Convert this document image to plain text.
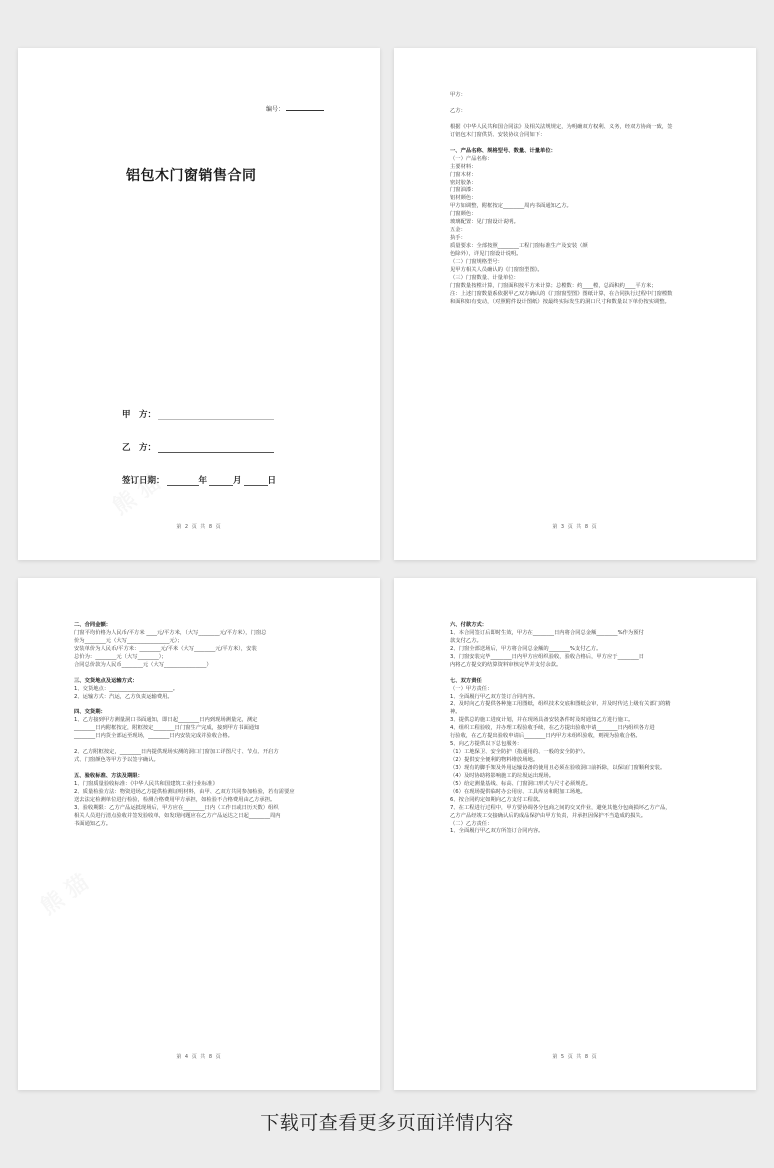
编号：
铝包木门窗销售合同
甲　方：
乙　方：
签订日期：	年	月	日
第 2 页 共 8 页
甲方：
乙方：
根据《中华人民共和国合同法》及相关法规规定，为明确双方权利、义务，经双方协商一致，签
订铝包木门窗供货、安装协议合同如下：
一、产品名称、规格型号、数量、计量单位：
（一）产品名称：
主要材料：
门窗木材：
密封胶条：
门窗油漆：
铝材颜色：
甲方如调整，附框按定________周内书面通知乙方。
门窗颜色：
玻璃配置：见门窗设计说明。
五金：
执手：
质量要求：全部按照________工程门窗标准生产及安装（颜
色除外），详见门窗设计说明。
（二）门窗规格型号：
见甲方相关人员确认的《门窗窗型图》。
（三）门窗数量、计量单位：
门窗数量按樘计算，门窗面积按平方米计算；总樘数：约____樘，总面积约____平方米；
注：上述门窗数量系依据甲乙双方确认的《门窗窗型图》图纸计算，在合同执行过程中门窗樘数
和面积如有变动，（对照附件设计图纸）按最终实际发生的洞口尺寸和数量以下单份按实调整。
第 3 页 共 8 页
二、合同金额：
门窗平均价格为人民币/平方米 ____元/平方米，（大写________元/平方米），门窗总
价为________元（大写________________元）；
安装单价为人民币/平方米：________元/平米（大写________元/平方米），安装
总价为：________元（大写________）；
合同总价款为人民币________元（大写________________）
三、交货地点及运输方式：
1、交货地点：________________________。
2、运输方式：汽运，乙方负责运输费用。
四、交货期：
1、乙方接到甲方测量洞口书面通知，即日起________日内到现场测量完，测定
________日内附框按定，附框按定________日门窗生产完成，接到甲方书面通知
________日内货全部运至现场，________日内安装完成并验收合格。
2、乙方附框按定，________日内提供现场实测的洞口门窗加工详图尺寸、节点、开启方
式、门窗颜色等甲方予以签字确认。
五、验收标准、方法及期限：
1、门窗质量验收标准：《中华人民共和国建筑工业行业标准》
2、质量检验方法：物资进场乙方提供检测证明材料，由甲、乙双方共同参加检验，若有需要应
送去法定检测单位进行检验，检测合格费用甲方承担，如检验不合格费用由乙方承担。
3、验收期限：乙方产品运抵现场后，甲方应在________日内（工作日或日历天数）组织
相关人员进行清点验收并签发验收单，如发现问题应在乙方产品运达之日起________周内
书面通知乙方。
第 4 页 共 8 页
六、付款方式：
1、本合同签订后即时生效，甲方在________日内将合同总金额________%作为预付
款支付乙方。
2、门窗全部送场后，甲方将合同总金额的________%支付乙方。
3、门窗安装完毕________日内甲方应组织验收，验收合格后，甲方应于________日
内将乙方提交的结算资料审核完毕并支付余款。
七、双方责任
（一）甲方责任：
1、全面履行甲乙双方签订合同内容。
2、及时向乙方提供各种施工用图纸，组织技术交底和图纸会审，并及时传达上级有关部门的精
神。
3、提供总的施工进度计划，并在现场具备安装条件时及时通知乙方进行施工。
4、组织工程验收，并办理工程验收手续，在乙方提出验收申请________日内组织各方进
行验收，在乙方提出验收申请后________日内甲方未组织验收，则视为验收合格。
5、向乙方提供以下总包服务：
（1）工地保卫、安全防护（指通用的、一般的安全防护）。
（2）提供安全便利的物料堆放场地。
（3）现有的脚手架及外用运输设备的使用且必须在验收洞口前拆除，以保证门窗顺利安装。
（4）及时协助将影响施工的垃圾运出现场。
（5）给定测量基线、标高、门窗洞口形式与尺寸必须规范。
（6）在现场提供临时办公用房、工具库房和附加工场地。
6、按合同约定如期向乙方支付工程款。
7、在工程进行过程中，甲方要协调各分包商之间的交叉作业，避免其他分包商损坏乙方产品，
乙方产品经竣工交接确认后的成品保护由甲方负责，并承担因保护不当造成的损失。
（二）乙方责任：
1、全面履行甲乙双方所签订合同内容。
第 5 页 共 8 页
下载可查看更多页面详情内容
